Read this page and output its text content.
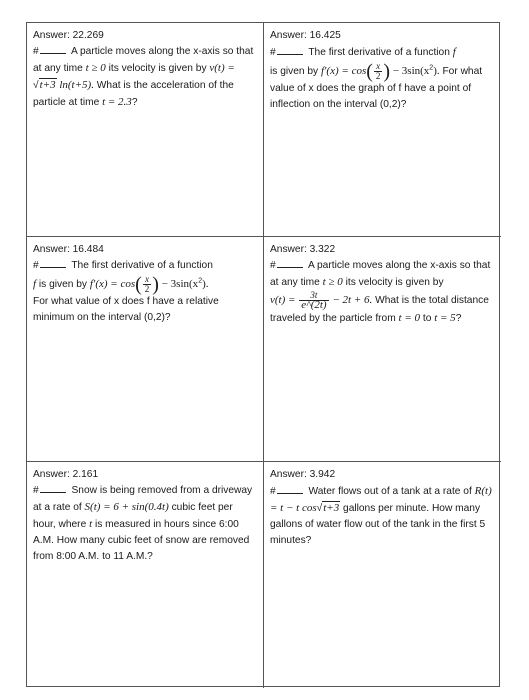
Answer: 22.269
#	A particle moves along the x-axis so that at any time t ≥ 0 its velocity is given by v(t) = √t+3 ln(t+5). What is the acceleration of the particle at time t = 2.3?
Answer: 16.425
#	The first derivative of a function f
is given by $f'(x) = \cos( \frac{x}{2}$ ) − $3\sin(x^2)$. For what value of x does the graph of f have a point of inflection on the interval (0,2)?
Answer: 16.484
#	The first derivative of a function
f is given by $f'(x) = \cos( \frac{x}{2}$ ) − $3\sin(x^2)$.
For what value of x does f have a relative minimum on the interval (0,2)?
Answer: 3.322
#	A particle moves along the x-axis so that at any time t ≥ 0 its velocity is given by
$v(t) = \frac{3t}{e\^{}(2t)} - 2t + 6$. What is the total distance traveled by the particle from t = 0 to t = 5?
Answer: 2.161
#	Snow is being removed from a driveway at a rate of S(t) = 6 + sin(0.4t) cubic feet per hour, where t is measured in hours since 6:00 A.M. How many cubic feet of snow are removed from 8:00 A.M. to 11 A.M.?
Answer: 3.942
#	Water flows out of a tank at a rate of R(t) = t − t cos√t+3 gallons per minute. How many gallons of water flow out of the tank in the first 5 minutes?
